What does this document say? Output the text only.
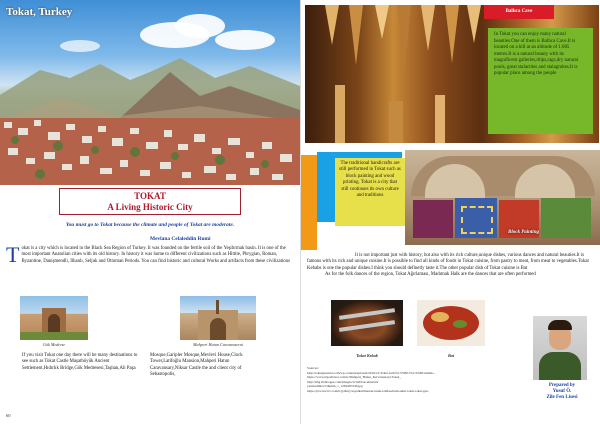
Tokat, Turkey
TOKAT
A Living Historic City
You must go to Tokat because the climate and people of Tokat are moderate.
Mevlana Celaleddin Rumi
T okat is a city which is located in the Black Sea Region of Turkey. It was founded on the fertile soil of the Yeşilırmak basin. It is one of the most important Anatolian cities with its old history. In history it was home to different civilizations such as Hittite, Phrygian, Roman, Byzantine, Danişmendli, Ilhanlı, Seljuk and Ottoman Periods. You can find historic and cultural Works and artifacts from these civilizations
Gök Medrese	Mahperi Hatun Caravanserai
If you visit Tokat one day there will be many destinations to see such as Tokat Castle Maşathöyük Ancient Settlement,Hıdırlık Bridge,Gök Medresesi,Taşhan,Ali Paşa
Mosque,Garipler Mosque,Mevlevi House,Clock Tower,Latifoğlu Mansion,Mahperi Hatun Caravansary,Niksar Castle the and ciient city of Sebastopolis,
60
Ballıca Cave
In Tokat you can enjoy many natural beauties.One of them is Ballıca Cave.It is located on a hill at an altitude of 1.085 metres.It is a natural beauty with its magnificent galleries,drips,rags,dry natural pools, great stalactites and stalagmites.It is popular place among the people
The traditional handicrafts are still performed in Tokat such as block painting and wood printing. Tokat is a city that still continues its own culture and traditions
Block Painting
It is not important just with history, but also with its rich culture,unique dishes, various dances and natural beauties.It is famous with its rich and unique cuisine.It is possible to find all kinds of foods in Tokat cuisine, from pastry to meat, from meat to vegetables.Tokat Kebabs is one the popular dishes.I think you should definetly taste it.The other popular dish of Tokat cuisine is Bat
As for the folk dances of the region, Tokat Ağırlaması, Madımak Halk are the dances that are often performed
Tokat Kebab	Bat
Sources:
http://tokatgazetesi.com/wp-content/uploads/2016/12/Tokat-Gök%C3%BCt%C3%BCrmelik...
https://www.tripadvisor.com.tr/Mahperi_Hatun_Kervansarayi-Tokat_
http://img10.hbogee.com/images/l/cm/blok-aktarlan/
yeniresimler/l/thumb_1_1262487240.jpg
https://prwww.trv.com/tr/gallery/sayalkarthnaton-bunu-tatlh-kebam-sehir-tokat-tokat-gez-
Prepared by
Yusuf Ö.
Zile Fen Lisesi
